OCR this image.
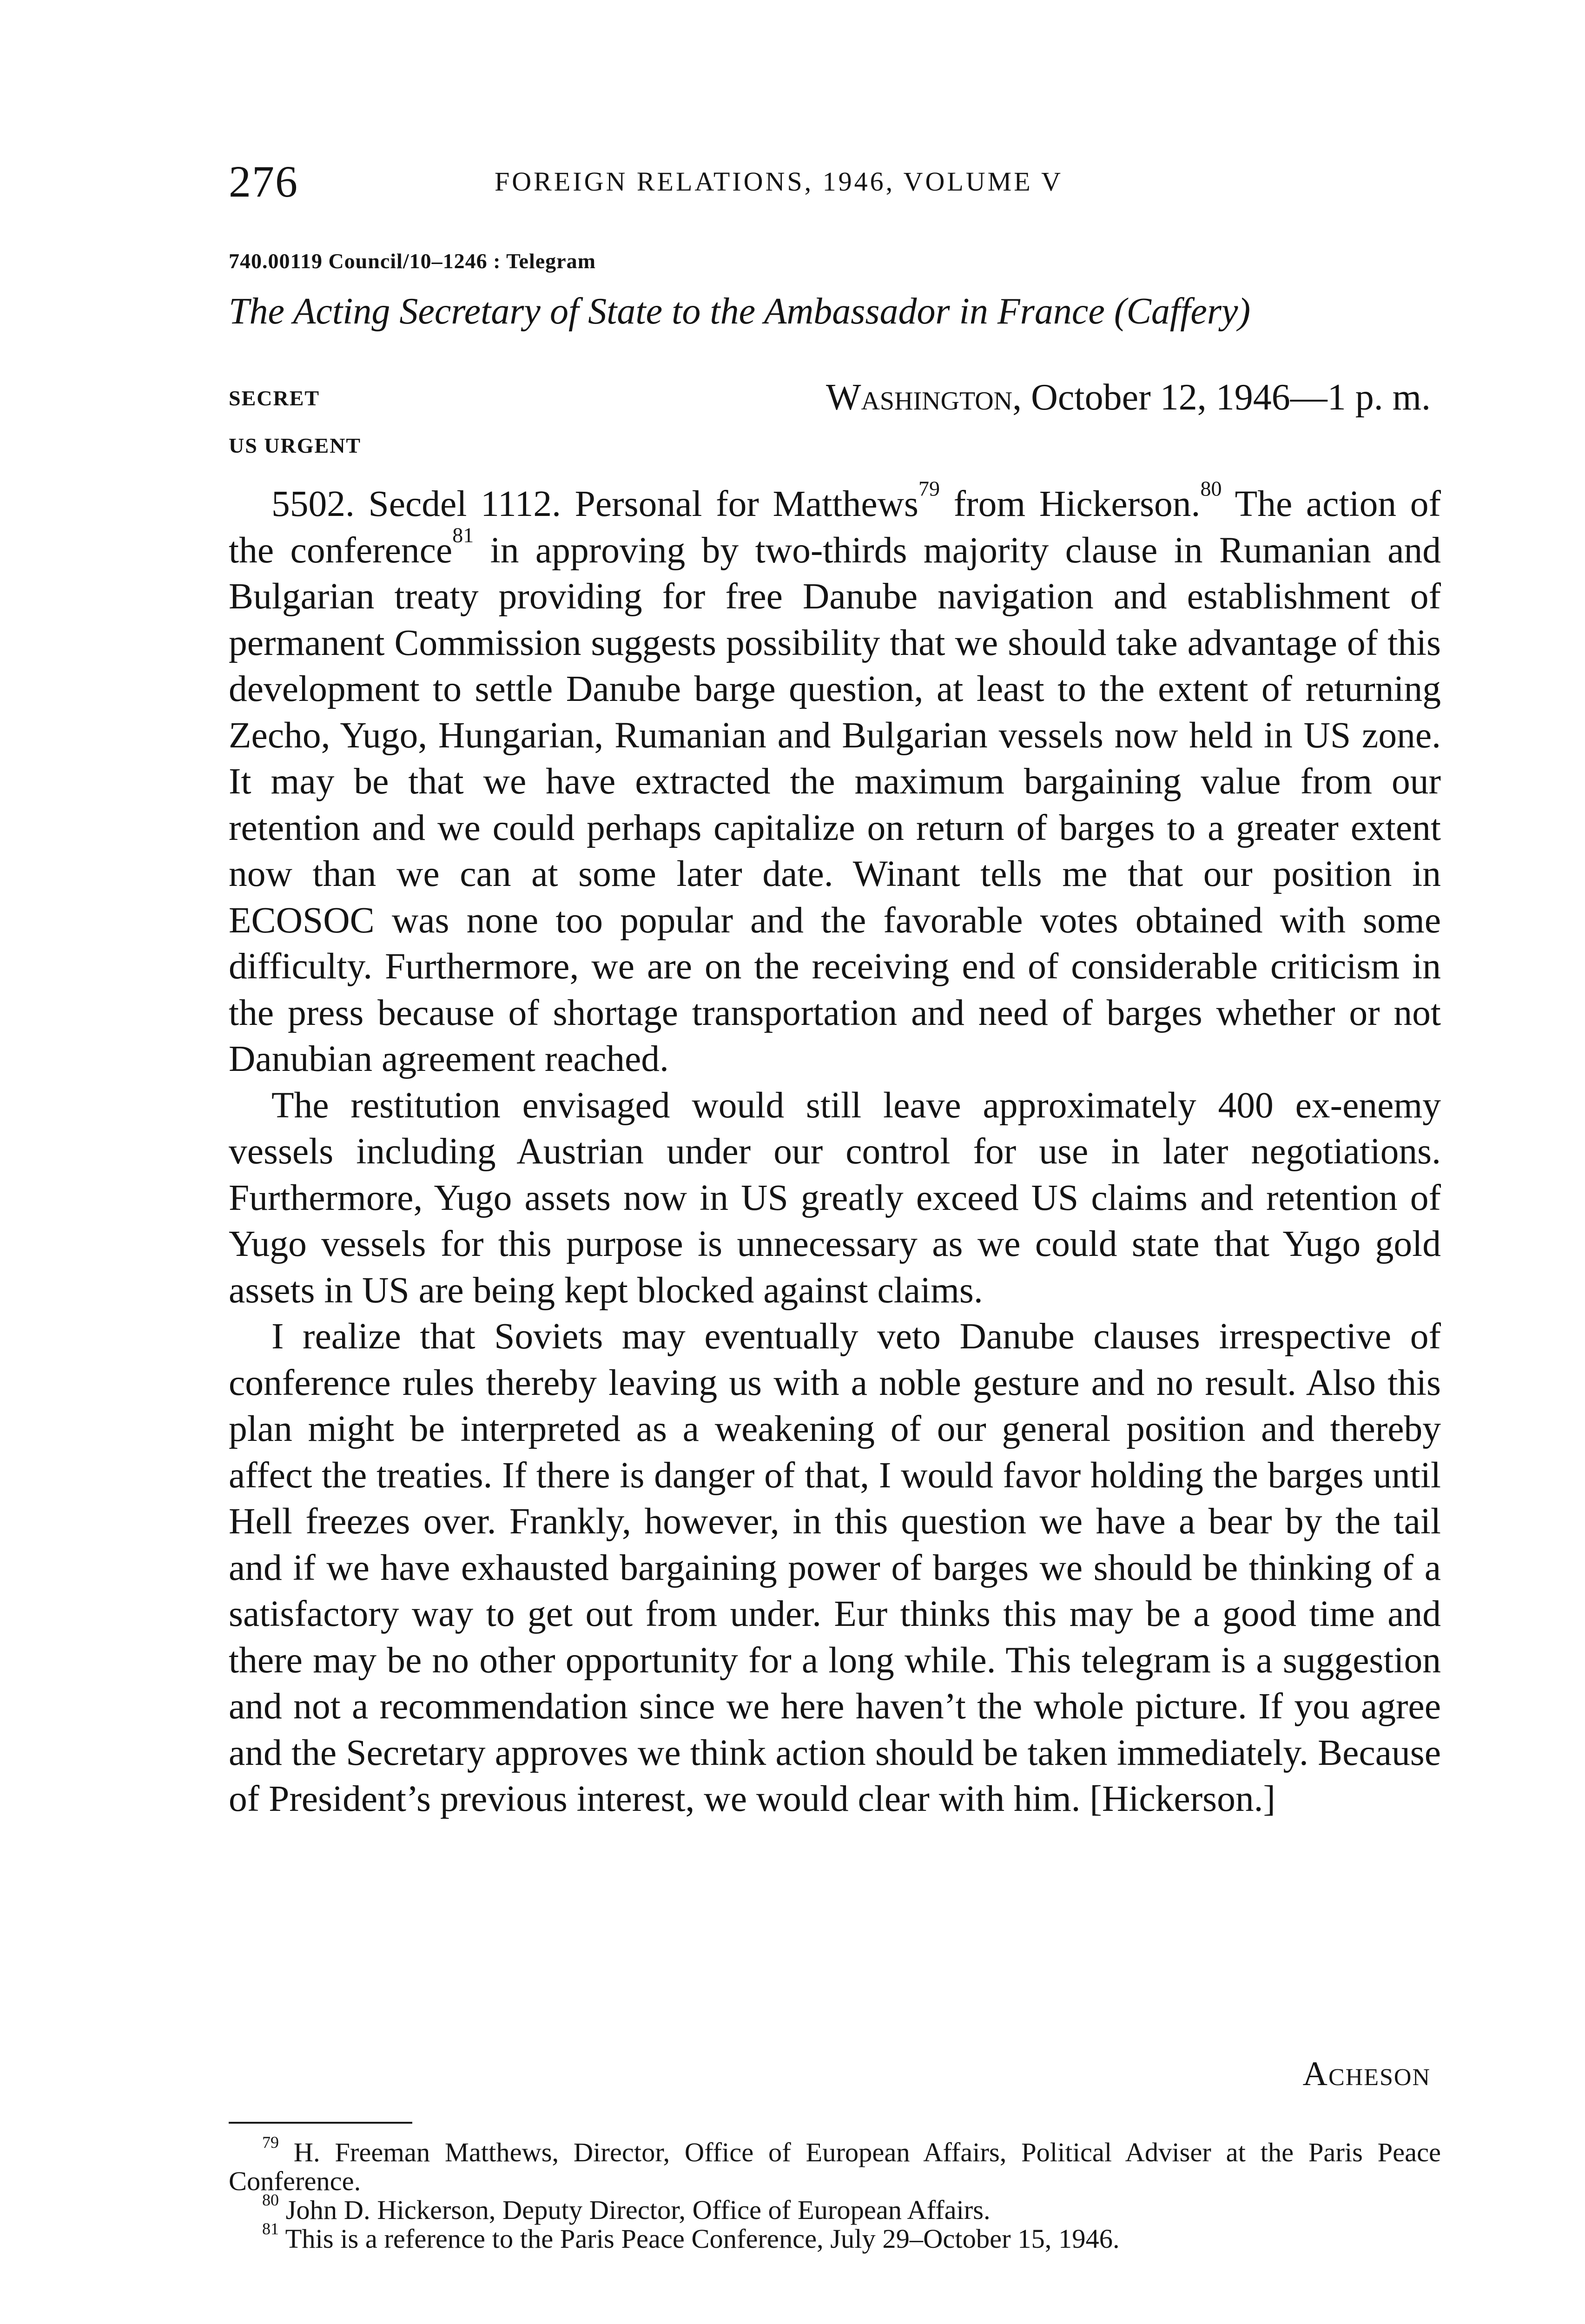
276	FOREIGN RELATIONS, 1946, VOLUME V
740.00119 Council/10–1246 : Telegram
The Acting Secretary of State to the Ambassador in France (Caffery)
SECRET
US URGENT
Washington, October 12, 1946—1 p. m.

5502. Secdel 1112. Personal for Matthews$^{79}$ from Hickerson.$^{80}$ The action of the conference$^{81}$ in approving by two-thirds majority clause in Rumanian and Bulgarian treaty providing for free Danube navigation and establishment of permanent Commission suggests possibility that we should take advantage of this development to settle Danube barge question, at least to the extent of returning Zecho, Yugo, Hungarian, Rumanian and Bulgarian vessels now held in US zone. It may be that we have extracted the maximum bargaining value from our retention and we could perhaps capitalize on return of barges to a greater extent now than we can at some later date. Winant tells me that our position in ECOSOC was none too popular and the favorable votes obtained with some difficulty. Furthermore, we are on the receiving end of considerable criticism in the press because of shortage transportation and need of barges whether or not Danubian agreement reached.

The restitution envisaged would still leave approximately 400 ex-enemy vessels including Austrian under our control for use in later negotiations. Furthermore, Yugo assets now in US greatly exceed US claims and retention of Yugo vessels for this purpose is unnecessary as we could state that Yugo gold assets in US are being kept blocked against claims.

I realize that Soviets may eventually veto Danube clauses irrespective of conference rules thereby leaving us with a noble gesture and no result. Also this plan might be interpreted as a weakening of our general position and thereby affect the treaties. If there is danger of that, I would favor holding the barges until Hell freezes over. Frankly, however, in this question we have a bear by the tail and if we have exhausted bargaining power of barges we should be thinking of a satisfactory way to get out from under. Eur thinks this may be a good time and there may be no other opportunity for a long while. This telegram is a suggestion and not a recommendation since we here haven’t the whole picture. If you agree and the Secretary approves we think action should be taken immediately. Because of President’s previous interest, we would clear with him. [Hickerson.]

Acheson

$^{79}$ H. Freeman Matthews, Director, Office of European Affairs, Political Adviser at the Paris Peace Conference.

$^{80}$ John D. Hickerson, Deputy Director, Office of European Affairs.

$^{81}$ This is a reference to the Paris Peace Conference, July 29–October 15, 1946.
